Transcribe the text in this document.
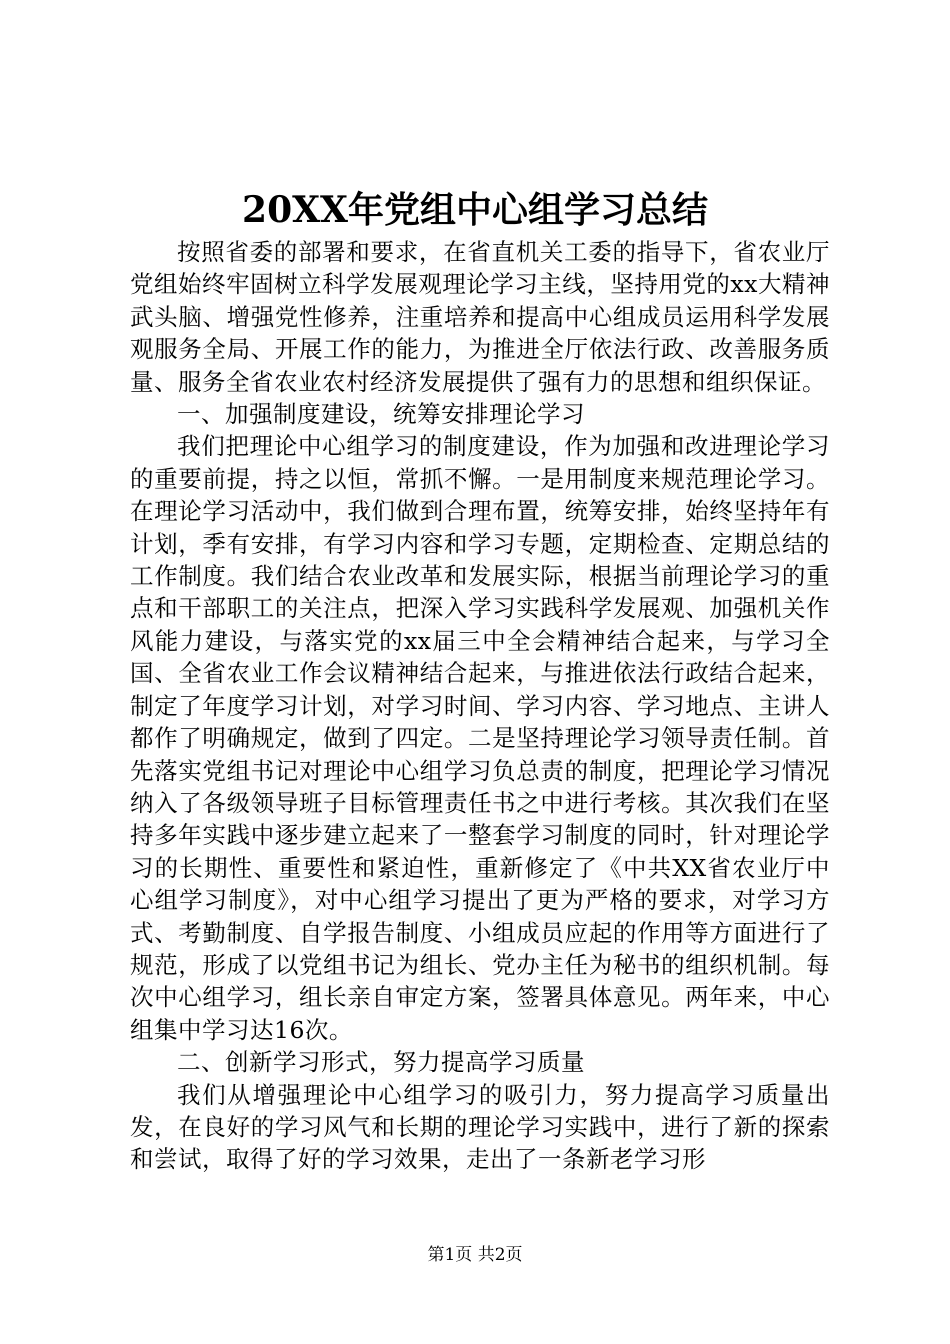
20XX年党组中心组学习总结

按照省委的部署和要求，在省直机关工委的指导下，省农业厅党组始终牢固树立科学发展观理论学习主线，坚持用党的xx大精神武头脑、增强党性修养，注重培养和提高中心组成员运用科学发展观服务全局、开展工作的能力，为推进全厅依法行政、改善服务质量、服务全省农业农村经济发展提供了强有力的思想和组织保证。

一、加强制度建设，统筹安排理论学习

我们把理论中心组学习的制度建设，作为加强和改进理论学习的重要前提，持之以恒，常抓不懈。一是用制度来规范理论学习。在理论学习活动中，我们做到合理布置，统筹安排，始终坚持年有计划，季有安排，有学习内容和学习专题，定期检查、定期总结的工作制度。我们结合农业改革和发展实际，根据当前理论学习的重点和干部职工的关注点，把深入学习实践科学发展观、加强机关作风能力建设，与落实党的xx届三中全会精神结合起来，与学习全国、全省农业工作会议精神结合起来，与推进依法行政结合起来，制定了年度学习计划，对学习时间、学习内容、学习地点、主讲人都作了明确规定，做到了四定。二是坚持理论学习领导责任制。首先落实党组书记对理论中心组学习负总责的制度，把理论学习情况纳入了各级领导班子目标管理责任书之中进行考核。其次我们在坚持多年实践中逐步建立起来了一整套学习制度的同时，针对理论学习的长期性、重要性和紧迫性，重新修定了《中共XX省农业厅中心组学习制度》，对中心组学习提出了更为严格的要求，对学习方式、考勤制度、自学报告制度、小组成员应起的作用等方面进行了规范，形成了以党组书记为组长、党办主任为秘书的组织机制。每次中心组学习，组长亲自审定方案，签署具体意见。两年来，中心组集中学习达16次。

二、创新学习形式，努力提高学习质量

我们从增强理论中心组学习的吸引力，努力提高学习质量出发，在良好的学习风气和长期的理论学习实践中，进行了新的探索和尝试，取得了好的学习效果，走出了一条新老学习形

第1页 共2页
